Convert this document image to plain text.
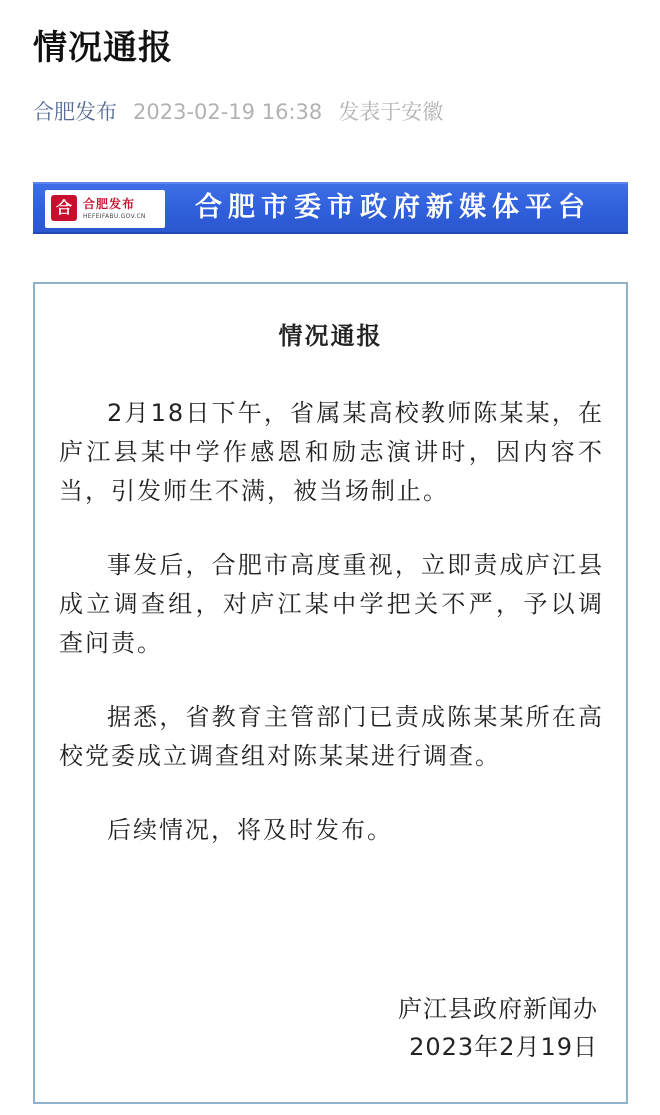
情况通报
合肥发布 2023-02-19 16:38 发表于安徽
合 合肥发布
HEFEIFABU.GOV.CN	合肥市委市政府新媒体平台
情况通报

2月18日下午，省属某高校教师陈某某，在庐江县某中学作感恩和励志演讲时，因内容不当，引发师生不满，被当场制止。

事发后，合肥市高度重视，立即责成庐江县成立调查组，对庐江某中学把关不严，予以调查问责。

据悉，省教育主管部门已责成陈某某所在高校党委成立调查组对陈某某进行调查。

后续情况，将及时发布。

庐江县政府新闻办
2023年2月19日
